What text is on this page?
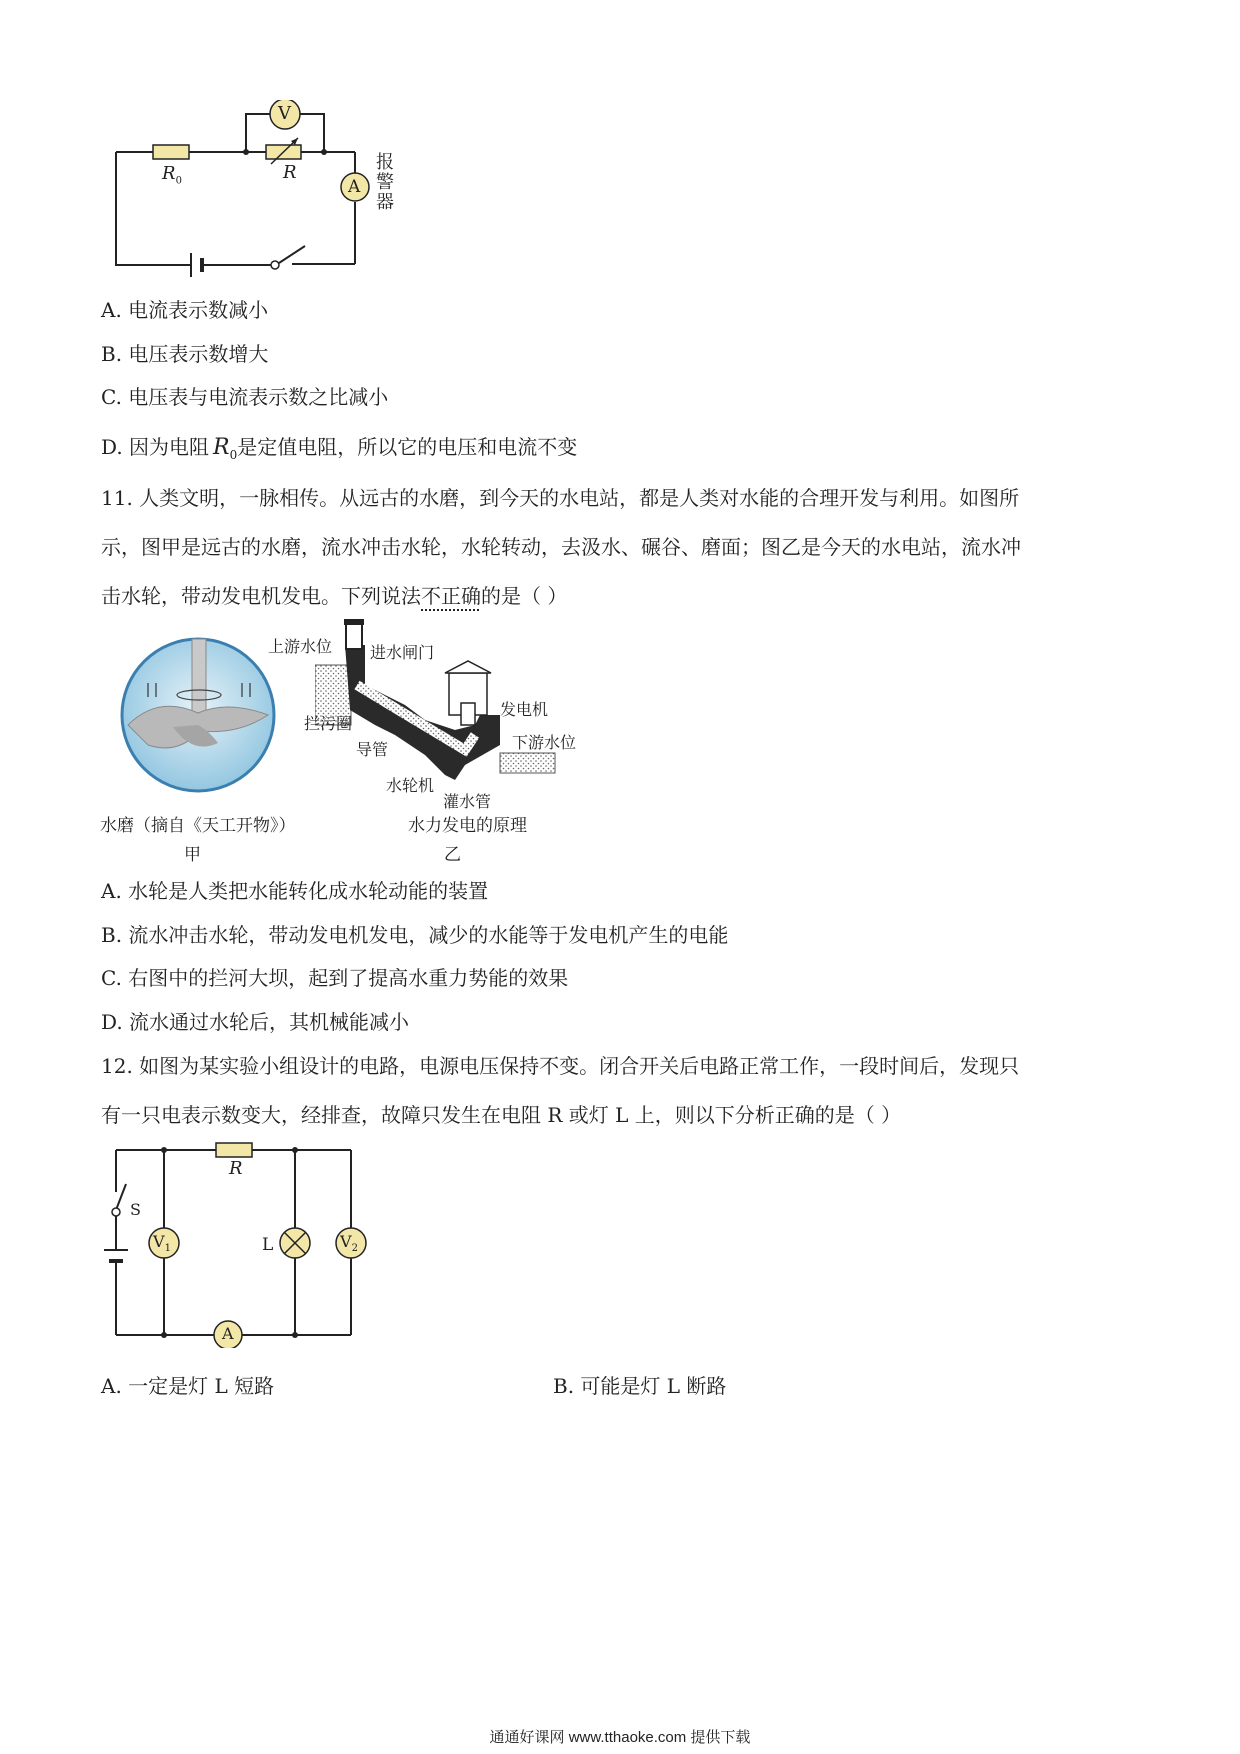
V
A
$R_0$	R	报警器
A. 电流表示数减小
B. 电压表示数增大
C. 电压表与电流表示数之比减小
D. 因为电阻 $R_0$是定值电阻，所以它的电压和电流不变
11. 人类文明，一脉相传。从远古的水磨，到今天的水电站，都是人类对水能的合理开发与利用。如图所
示，图甲是远古的水磨，流水冲击水轮，水轮转动，去汲水、碾谷、磨面；图乙是今天的水电站，流水冲
击水轮，带动发电机发电。下列说法不正确的是（ ）
上游水位 进水闸门
拦污圈
导管
发电机
下游水位
水轮机
灌水管
水磨（摘自《天工开物》）
甲
水力发电的原理
乙
A. 水轮是人类把水能转化成水轮动能的装置
B. 流水冲击水轮，带动发电机发电，减少的水能等于发电机产生的电能
C. 右图中的拦河大坝，起到了提高水重力势能的效果
D. 流水通过水轮后，其机械能减小
12. 如图为某实验小组设计的电路，电源电压保持不变。闭合开关后电路正常工作，一段时间后，发现只
有一只电表示数变大，经排查，故障只发生在电阻 R 或灯 L 上，则以下分析正确的是（ ）
R
S
L
$V_1$	$V_2$
A
A. 一定是灯 L 短路	B. 可能是灯 L 断路
通通好课网 www.tthaoke.com 提供下载
